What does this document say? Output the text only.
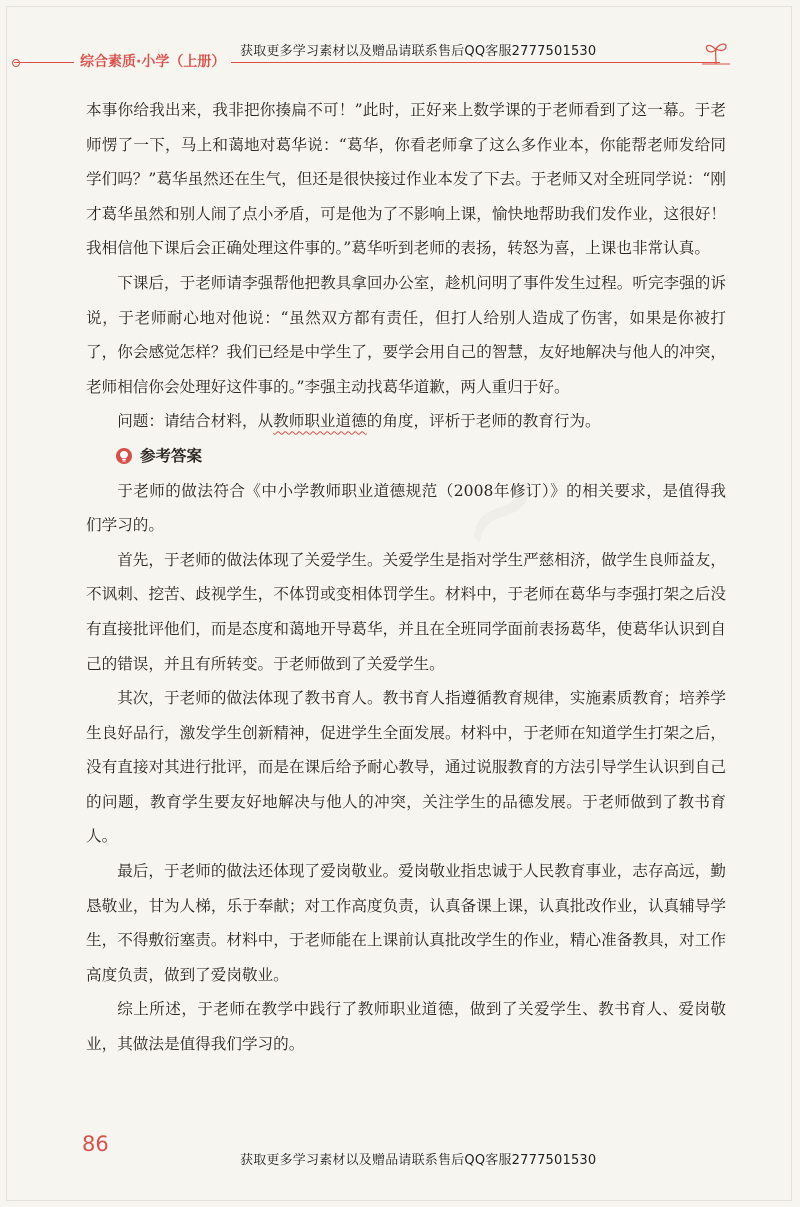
获取更多学习素材以及赠品请联系售后QQ客服2777501530
综合素质·小学（上册）
~

本事你给我出来，我非把你揍扁不可！”此时，正好来上数学课的于老师看到了这一幕。于老师愣了一下，马上和蔼地对葛华说：“葛华，你看老师拿了这么多作业本，你能帮老师发给同学们吗？”葛华虽然还在生气，但还是很快接过作业本发了下去。于老师又对全班同学说：“刚才葛华虽然和别人闹了点小矛盾，可是他为了不影响上课，愉快地帮助我们发作业，这很好！我相信他下课后会正确处理这件事的。”葛华听到老师的表扬，转怒为喜，上课也非常认真。

下课后，于老师请李强帮他把教具拿回办公室，趁机问明了事件发生过程。听完李强的诉说，于老师耐心地对他说：“虽然双方都有责任，但打人给别人造成了伤害，如果是你被打了，你会感觉怎样？我们已经是中学生了，要学会用自己的智慧，友好地解决与他人的冲突，老师相信你会处理好这件事的。”李强主动找葛华道歉，两人重归于好。

问题：请结合材料，从教师职业道德的角度，评析于老师的教育行为。

参考答案

于老师的做法符合《中小学教师职业道德规范（2008年修订）》的相关要求，是值得我们学习的。

首先，于老师的做法体现了关爱学生。关爱学生是指对学生严慈相济，做学生良师益友，不讽刺、挖苦、歧视学生，不体罚或变相体罚学生。材料中，于老师在葛华与李强打架之后没有直接批评他们，而是态度和蔼地开导葛华，并且在全班同学面前表扬葛华，使葛华认识到自己的错误，并且有所转变。于老师做到了关爱学生。

其次，于老师的做法体现了教书育人。教书育人指遵循教育规律，实施素质教育；培养学生良好品行，激发学生创新精神，促进学生全面发展。材料中，于老师在知道学生打架之后，没有直接对其进行批评，而是在课后给予耐心教导，通过说服教育的方法引导学生认识到自己的问题，教育学生要友好地解决与他人的冲突，关注学生的品德发展。于老师做到了教书育人。

最后，于老师的做法还体现了爱岗敬业。爱岗敬业指忠诚于人民教育事业，志存高远，勤恳敬业，甘为人梯，乐于奉献；对工作高度负责，认真备课上课，认真批改作业，认真辅导学生，不得敷衍塞责。材料中，于老师能在上课前认真批改学生的作业，精心准备教具，对工作高度负责，做到了爱岗敬业。

综上所述，于老师在教学中践行了教师职业道德，做到了关爱学生、教书育人、爱岗敬业，其做法是值得我们学习的。

86
获取更多学习素材以及赠品请联系售后QQ客服2777501530
